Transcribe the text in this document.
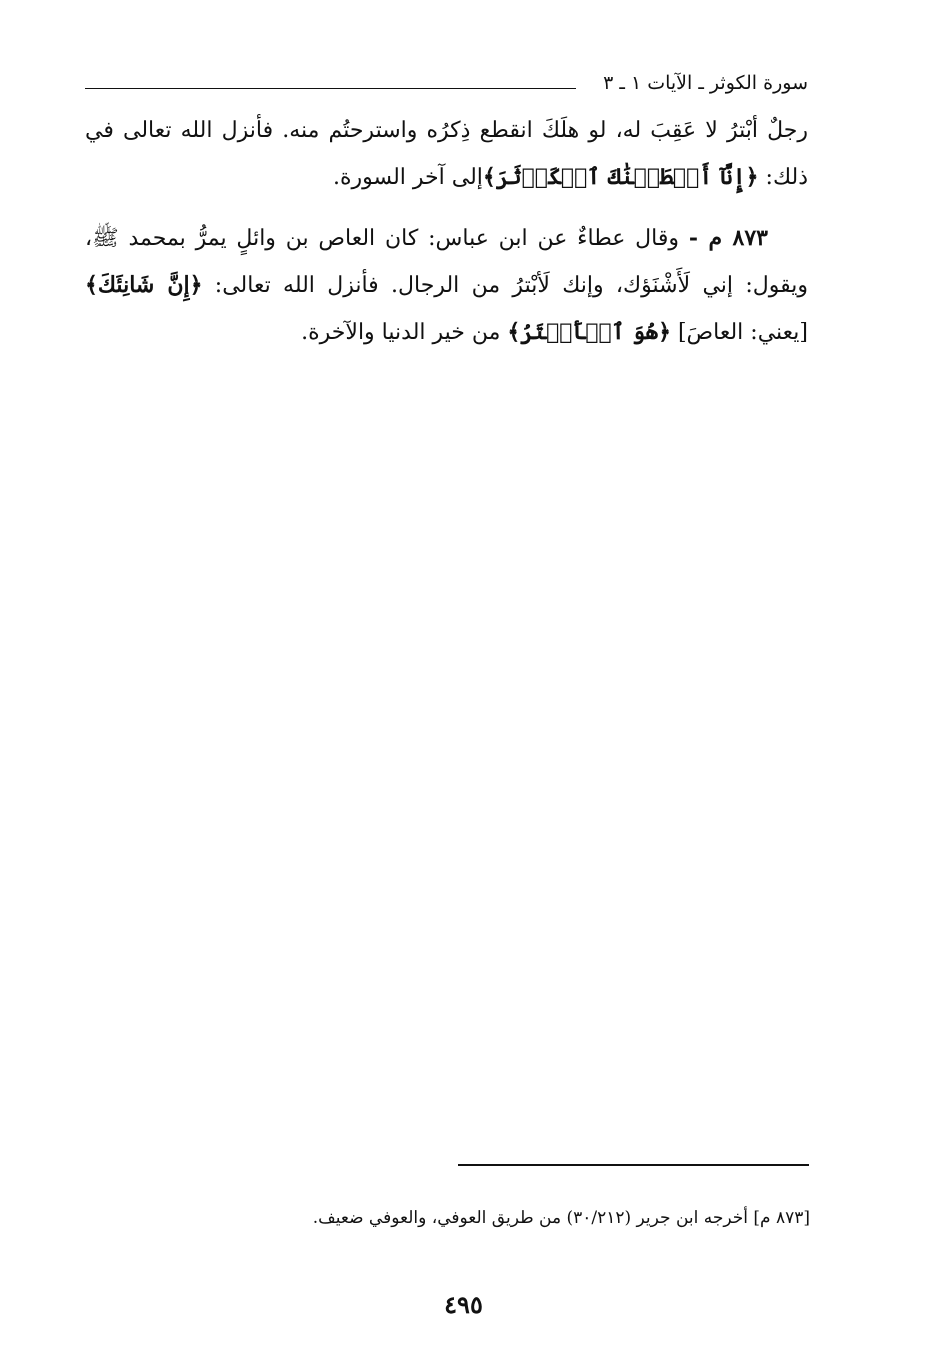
سورة الكوثر ـ الآيات ١ ـ ٣

رجلٌ أبْترُ لا عَقِبَ له، لو هلَكَ انقطع ذِكرُه واسترحتُم منه. فأنزل الله تعالى في ذلك: ﴿إِنَّآ أَعۡطَيۡنَٰكَ ٱلۡكَوۡثَرَ﴾إلى آخر السورة.

٨٧٣ م - وقال عطاءٌ عن ابن عباس: كان العاص بن وائلٍ يمرُّ بمحمد ﷺ، ويقول: إني لَأَشْنَؤك، وإنك لَأبْترُ من الرجال. فأنزل الله تعالى: ﴿إِنَّ شَانِئَكَ﴾ [يعني: العاصَ] ﴿هُوَ ٱلۡأَبۡتَرُ﴾ من خير الدنيا والآخرة.

[٨٧٣ م] أخرجه ابن جرير (٣٠/٢١٢) من طريق العوفي، والعوفي ضعيف.
٤٩٥
